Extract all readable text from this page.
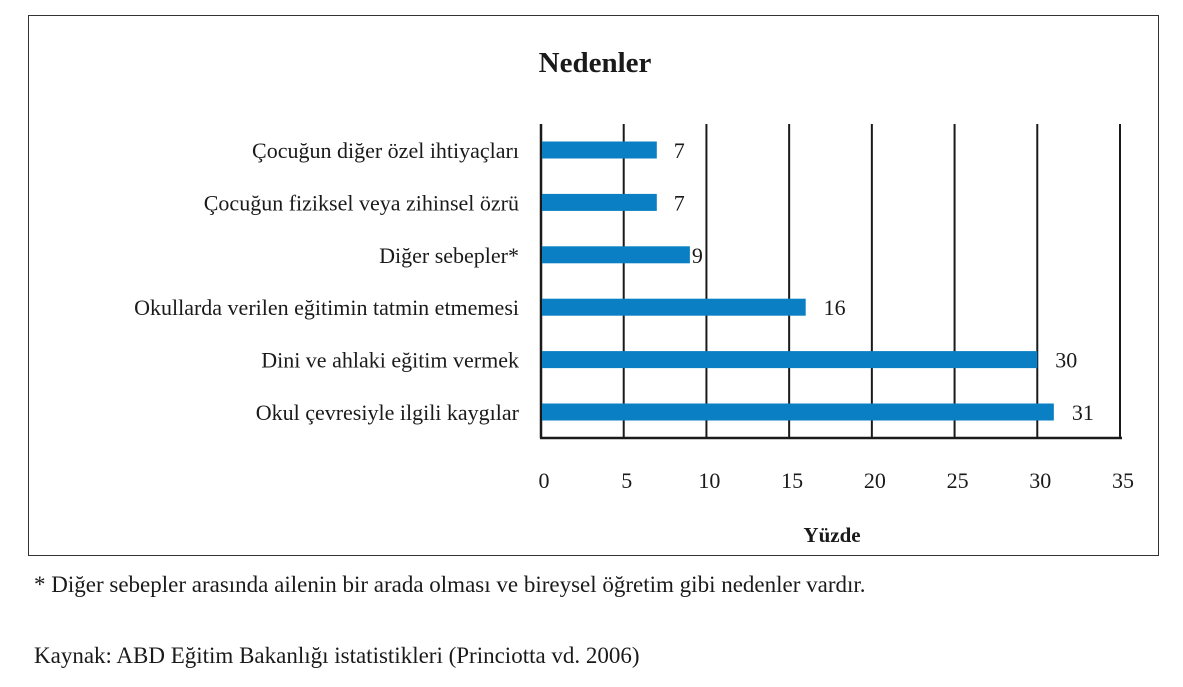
Nedenler
Çocuğun diğer özel ihtiyaçları
Çocuğun fiziksel veya zihinsel özrü
Diğer sebepler*
Okullarda verilen eğitimin tatmin etmemesi
Dini ve ahlaki eğitim vermek
Okul çevresiyle ilgili kaygılar
7
7
9
16
30
31
0	5	10	15	20	25	30	35
Yüzde
* Diğer sebepler arasında ailenin bir arada olması ve bireysel öğretim gibi nedenler vardır.
Kaynak: ABD Eğitim Bakanlığı istatistikleri (Princiotta vd. 2006)
